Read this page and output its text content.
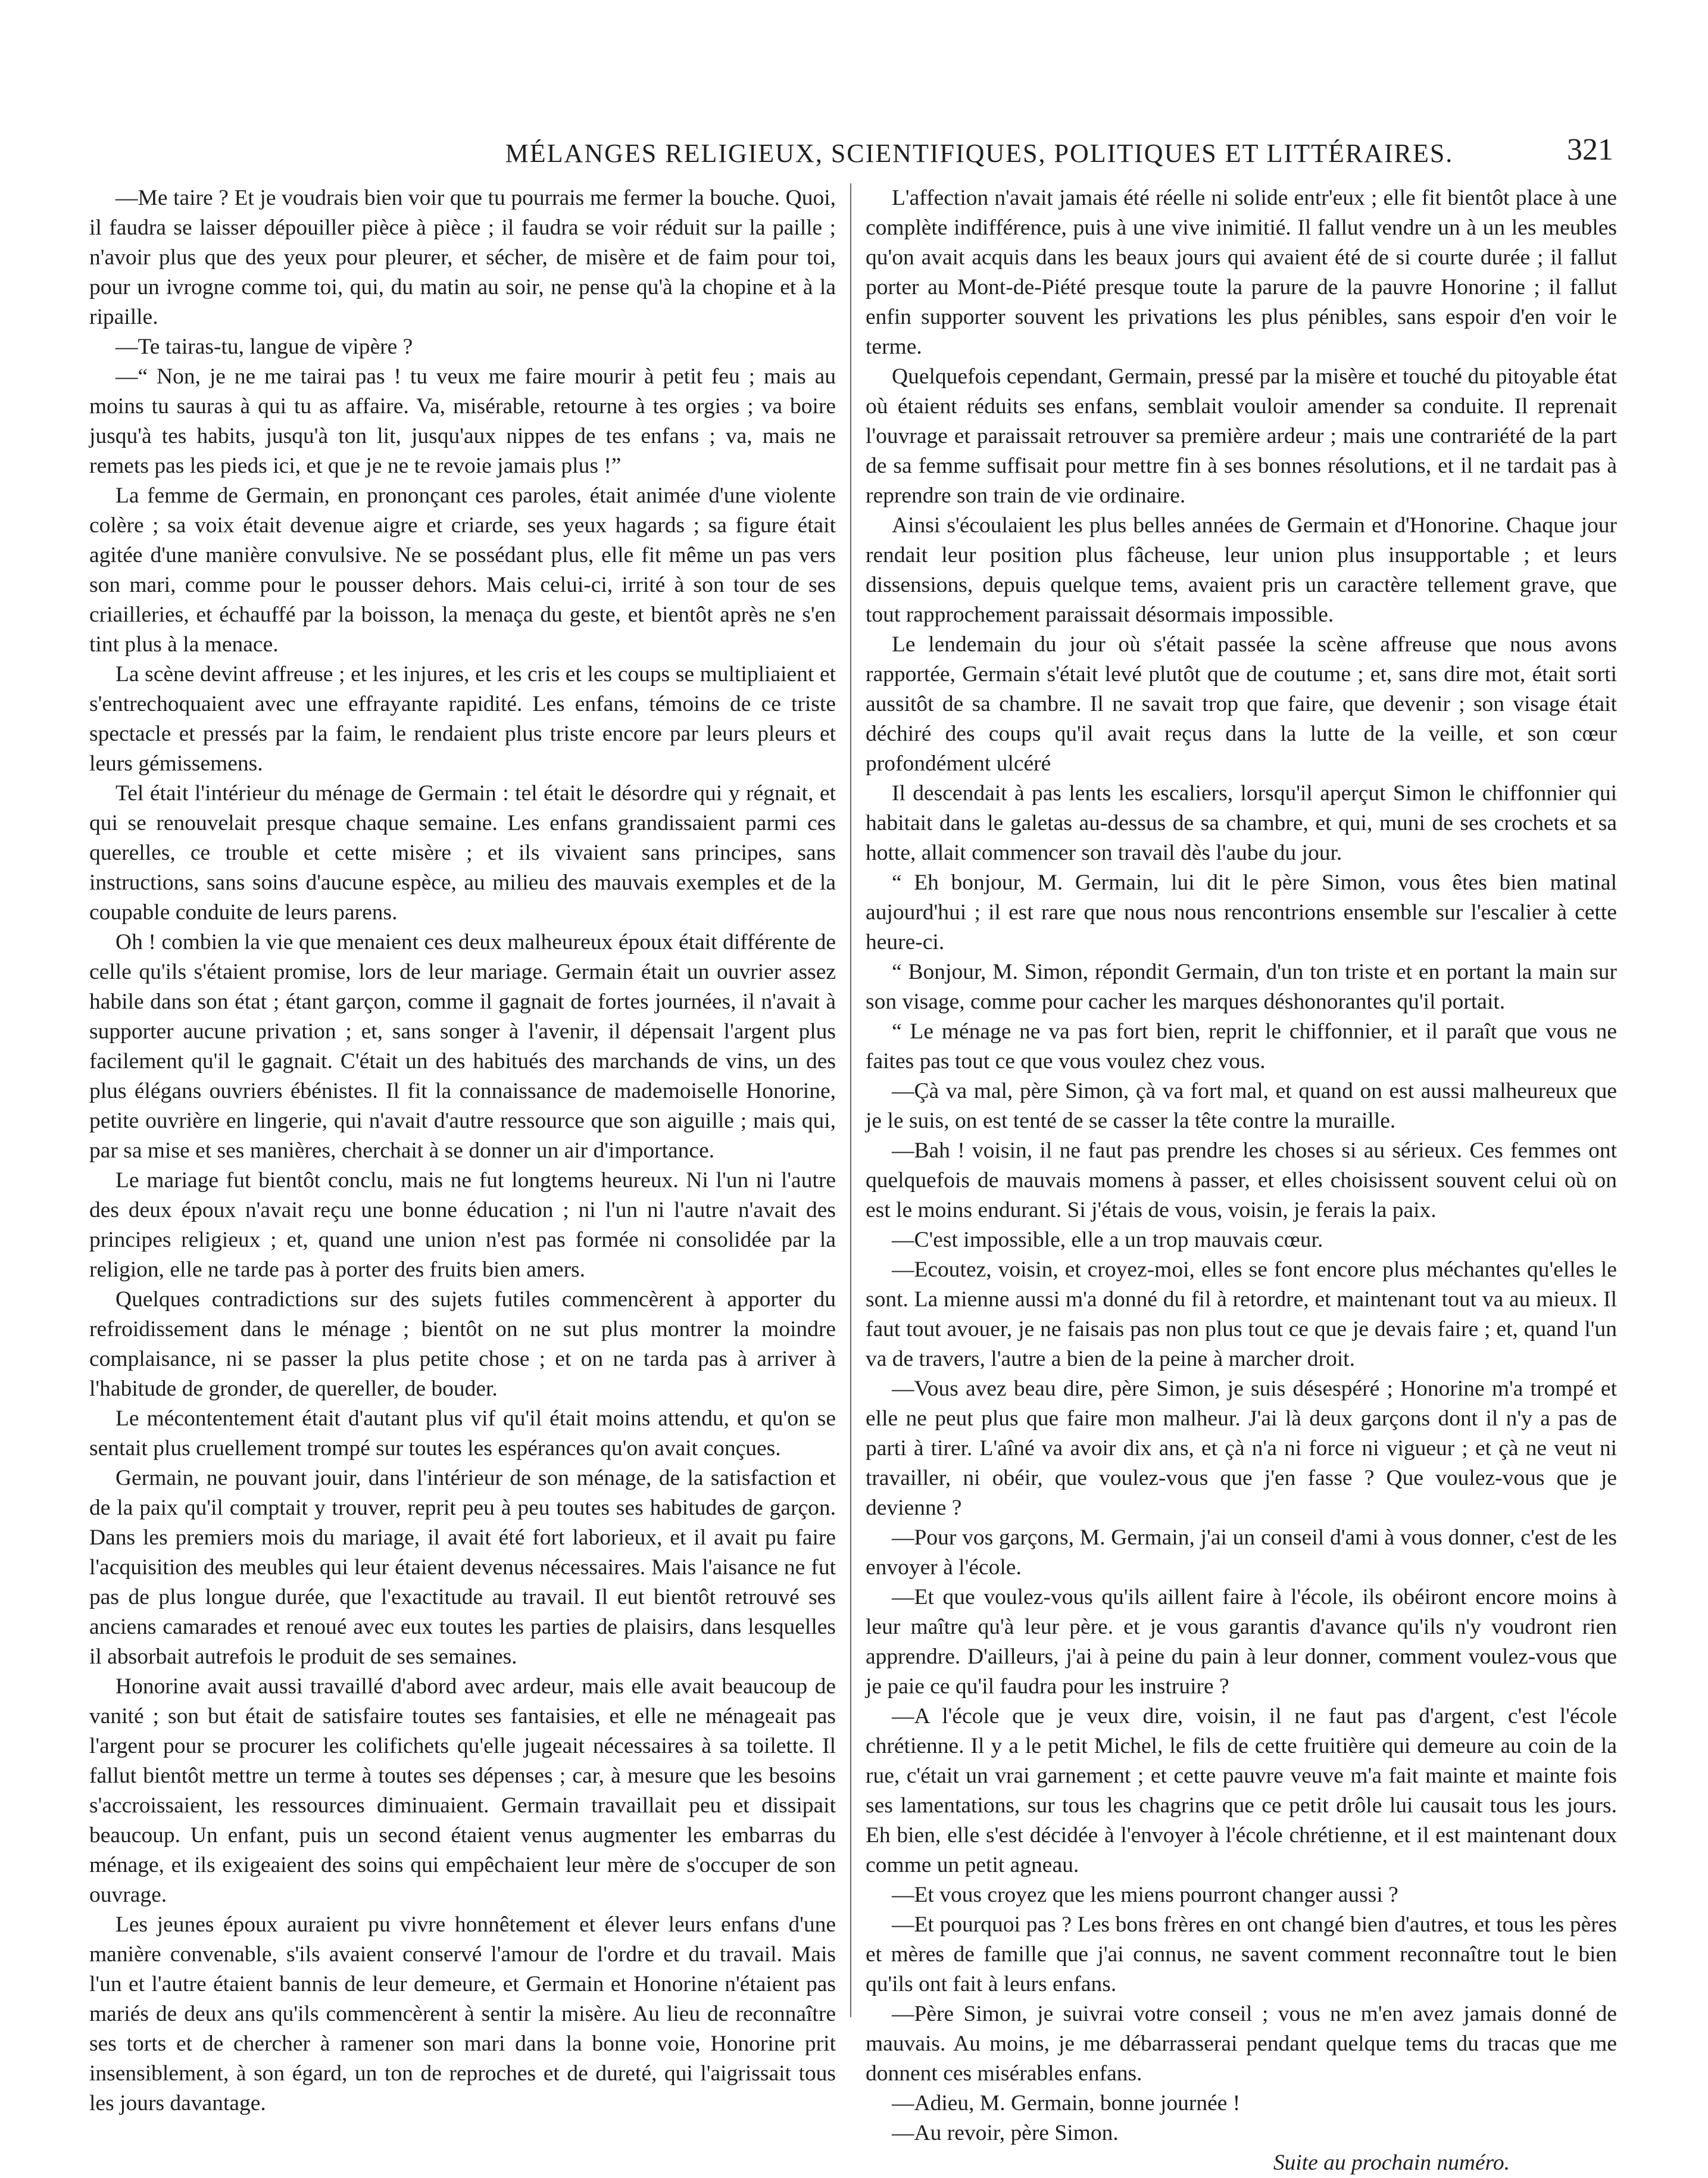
MÉLANGES RELIGIEUX, SCIENTIFIQUES, POLITIQUES ET LITTÉRAIRES.	321

—Me taire ? Et je voudrais bien voir que tu pourrais me fermer la bouche. Quoi, il faudra se laisser dépouiller pièce à pièce ; il faudra se voir réduit sur la paille ; n'avoir plus que des yeux pour pleurer, et sécher, de misère et de faim pour toi, pour un ivrogne comme toi, qui, du matin au soir, ne pense qu'à la chopine et à la ripaille.

—Te tairas-tu, langue de vipère ?

—“ Non, je ne me tairai pas ! tu veux me faire mourir à petit feu ; mais au moins tu sauras à qui tu as affaire. Va, misérable, retourne à tes orgies ; va boire jusqu'à tes habits, jusqu'à ton lit, jusqu'aux nippes de tes enfans ; va, mais ne remets pas les pieds ici, et que je ne te revoie jamais plus !”

La femme de Germain, en prononçant ces paroles, était animée d'une violente colère ; sa voix était devenue aigre et criarde, ses yeux hagards ; sa figure était agitée d'une manière convulsive. Ne se possédant plus, elle fit même un pas vers son mari, comme pour le pousser dehors. Mais celui-ci, irrité à son tour de ses criailleries, et échauffé par la boisson, la menaça du geste, et bientôt après ne s'en tint plus à la menace.

La scène devint affreuse ; et les injures, et les cris et les coups se multipliaient et s'entrechoquaient avec une effrayante rapidité. Les enfans, témoins de ce triste spectacle et pressés par la faim, le rendaient plus triste encore par leurs pleurs et leurs gémissemens.

Tel était l'intérieur du ménage de Germain : tel était le désordre qui y régnait, et qui se renouvelait presque chaque semaine. Les enfans grandissaient parmi ces querelles, ce trouble et cette misère ; et ils vivaient sans principes, sans instructions, sans soins d'aucune espèce, au milieu des mauvais exemples et de la coupable conduite de leurs parens.

Oh ! combien la vie que menaient ces deux malheureux époux était différente de celle qu'ils s'étaient promise, lors de leur mariage. Germain était un ouvrier assez habile dans son état ; étant garçon, comme il gagnait de fortes journées, il n'avait à supporter aucune privation ; et, sans songer à l'avenir, il dépensait l'argent plus facilement qu'il le gagnait. C'était un des habitués des marchands de vins, un des plus élégans ouvriers ébénistes. Il fit la connaissance de mademoiselle Honorine, petite ouvrière en lingerie, qui n'avait d'autre ressource que son aiguille ; mais qui, par sa mise et ses manières, cherchait à se donner un air d'importance.

Le mariage fut bientôt conclu, mais ne fut longtems heureux. Ni l'un ni l'autre des deux époux n'avait reçu une bonne éducation ; ni l'un ni l'autre n'avait des principes religieux ; et, quand une union n'est pas formée ni consolidée par la religion, elle ne tarde pas à porter des fruits bien amers.

Quelques contradictions sur des sujets futiles commencèrent à apporter du refroidissement dans le ménage ; bientôt on ne sut plus montrer la moindre complaisance, ni se passer la plus petite chose ; et on ne tarda pas à arriver à l'habitude de gronder, de quereller, de bouder.

Le mécontentement était d'autant plus vif qu'il était moins attendu, et qu'on se sentait plus cruellement trompé sur toutes les espérances qu'on avait conçues.

Germain, ne pouvant jouir, dans l'intérieur de son ménage, de la satisfaction et de la paix qu'il comptait y trouver, reprit peu à peu toutes ses habitudes de garçon. Dans les premiers mois du mariage, il avait été fort laborieux, et il avait pu faire l'acquisition des meubles qui leur étaient devenus nécessaires. Mais l'aisance ne fut pas de plus longue durée, que l'exactitude au travail. Il eut bientôt retrouvé ses anciens camarades et renoué avec eux toutes les parties de plaisirs, dans lesquelles il absorbait autrefois le produit de ses semaines.

Honorine avait aussi travaillé d'abord avec ardeur, mais elle avait beaucoup de vanité ; son but était de satisfaire toutes ses fantaisies, et elle ne ménageait pas l'argent pour se procurer les colifichets qu'elle jugeait nécessaires à sa toilette. Il fallut bientôt mettre un terme à toutes ses dépenses ; car, à mesure que les besoins s'accroissaient, les ressources diminuaient. Germain travaillait peu et dissipait beaucoup. Un enfant, puis un second étaient venus augmenter les embarras du ménage, et ils exigeaient des soins qui empêchaient leur mère de s'occuper de son ouvrage.

Les jeunes époux auraient pu vivre honnêtement et élever leurs enfans d'une manière convenable, s'ils avaient conservé l'amour de l'ordre et du travail. Mais l'un et l'autre étaient bannis de leur demeure, et Germain et Honorine n'étaient pas mariés de deux ans qu'ils commencèrent à sentir la misère. Au lieu de reconnaître ses torts et de chercher à ramener son mari dans la bonne voie, Honorine prit insensiblement, à son égard, un ton de reproches et de dureté, qui l'aigrissait tous les jours davantage.

L'affection n'avait jamais été réelle ni solide entr'eux ; elle fit bientôt place à une complète indifférence, puis à une vive inimitié. Il fallut vendre un à un les meubles qu'on avait acquis dans les beaux jours qui avaient été de si courte durée ; il fallut porter au Mont-de-Piété presque toute la parure de la pauvre Honorine ; il fallut enfin supporter souvent les privations les plus pénibles, sans espoir d'en voir le terme.

Quelquefois cependant, Germain, pressé par la misère et touché du pitoyable état où étaient réduits ses enfans, semblait vouloir amender sa conduite. Il reprenait l'ouvrage et paraissait retrouver sa première ardeur ; mais une contrariété de la part de sa femme suffisait pour mettre fin à ses bonnes résolutions, et il ne tardait pas à reprendre son train de vie ordinaire.

Ainsi s'écoulaient les plus belles années de Germain et d'Honorine. Chaque jour rendait leur position plus fâcheuse, leur union plus insupportable ; et leurs dissensions, depuis quelque tems, avaient pris un caractère tellement grave, que tout rapprochement paraissait désormais impossible.

Le lendemain du jour où s'était passée la scène affreuse que nous avons rapportée, Germain s'était levé plutôt que de coutume ; et, sans dire mot, était sorti aussitôt de sa chambre. Il ne savait trop que faire, que devenir ; son visage était déchiré des coups qu'il avait reçus dans la lutte de la veille, et son cœur profondément ulcéré

Il descendait à pas lents les escaliers, lorsqu'il aperçut Simon le chiffonnier qui habitait dans le galetas au-dessus de sa chambre, et qui, muni de ses crochets et sa hotte, allait commencer son travail dès l'aube du jour.

“ Eh bonjour, M. Germain, lui dit le père Simon, vous êtes bien matinal aujourd'hui ; il est rare que nous nous rencontrions ensemble sur l'escalier à cette heure-ci.

“ Bonjour, M. Simon, répondit Germain, d'un ton triste et en portant la main sur son visage, comme pour cacher les marques déshonorantes qu'il portait.

“ Le ménage ne va pas fort bien, reprit le chiffonnier, et il paraît que vous ne faites pas tout ce que vous voulez chez vous.

—Çà va mal, père Simon, çà va fort mal, et quand on est aussi malheureux que je le suis, on est tenté de se casser la tête contre la muraille.

—Bah ! voisin, il ne faut pas prendre les choses si au sérieux. Ces femmes ont quelquefois de mauvais momens à passer, et elles choisissent souvent celui où on est le moins endurant. Si j'étais de vous, voisin, je ferais la paix.

—C'est impossible, elle a un trop mauvais cœur.

—Ecoutez, voisin, et croyez-moi, elles se font encore plus méchantes qu'elles le sont. La mienne aussi m'a donné du fil à retordre, et maintenant tout va au mieux. Il faut tout avouer, je ne faisais pas non plus tout ce que je devais faire ; et, quand l'un va de travers, l'autre a bien de la peine à marcher droit.

—Vous avez beau dire, père Simon, je suis désespéré ; Honorine m'a trompé et elle ne peut plus que faire mon malheur. J'ai là deux garçons dont il n'y a pas de parti à tirer. L'aîné va avoir dix ans, et çà n'a ni force ni vigueur ; et çà ne veut ni travailler, ni obéir, que voulez-vous que j'en fasse ? Que voulez-vous que je devienne ?

—Pour vos garçons, M. Germain, j'ai un conseil d'ami à vous donner, c'est de les envoyer à l'école.

—Et que voulez-vous qu'ils aillent faire à l'école, ils obéiront encore moins à leur maître qu'à leur père. et je vous garantis d'avance qu'ils n'y voudront rien apprendre. D'ailleurs, j'ai à peine du pain à leur donner, comment voulez-vous que je paie ce qu'il faudra pour les instruire ?

—A l'école que je veux dire, voisin, il ne faut pas d'argent, c'est l'école chrétienne. Il y a le petit Michel, le fils de cette fruitière qui demeure au coin de la rue, c'était un vrai garnement ; et cette pauvre veuve m'a fait mainte et mainte fois ses lamentations, sur tous les chagrins que ce petit drôle lui causait tous les jours. Eh bien, elle s'est décidée à l'envoyer à l'école chrétienne, et il est maintenant doux comme un petit agneau.

—Et vous croyez que les miens pourront changer aussi ?

—Et pourquoi pas ? Les bons frères en ont changé bien d'autres, et tous les pères et mères de famille que j'ai connus, ne savent comment reconnaître tout le bien qu'ils ont fait à leurs enfans.

—Père Simon, je suivrai votre conseil ; vous ne m'en avez jamais donné de mauvais. Au moins, je me débarrasserai pendant quelque tems du tracas que me donnent ces misérables enfans.

—Adieu, M. Germain, bonne journée !

—Au revoir, père Simon.

Suite au prochain numéro.
